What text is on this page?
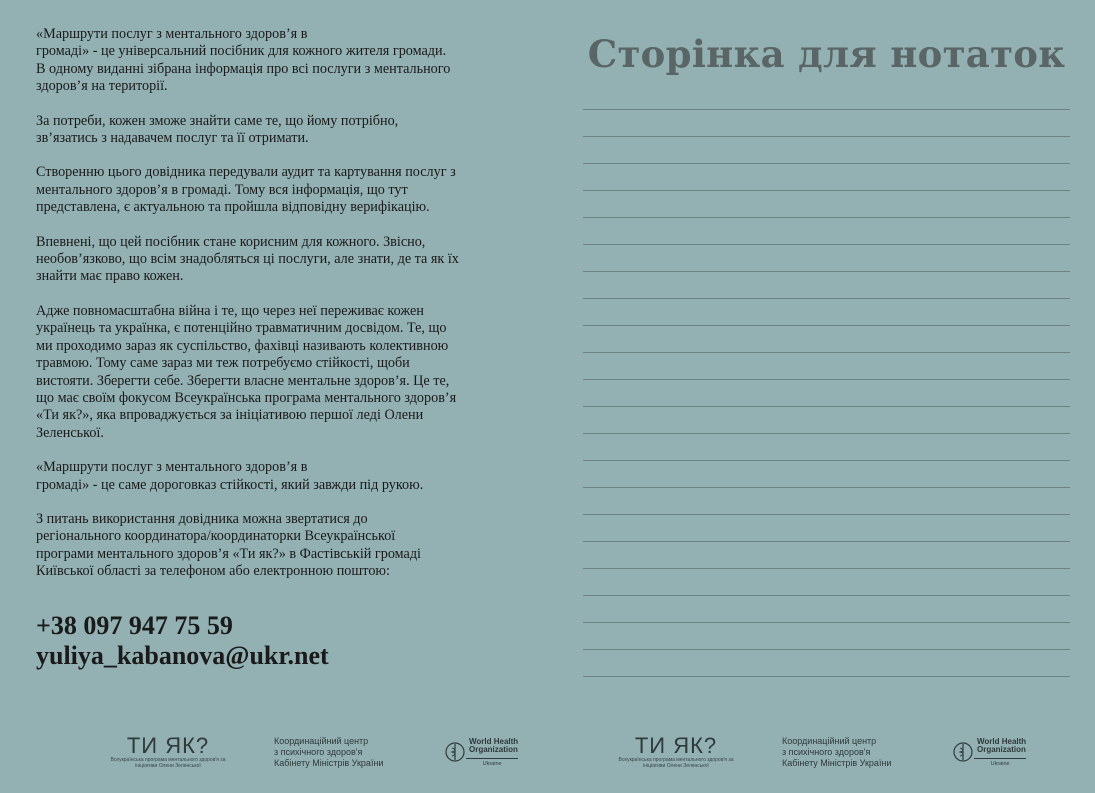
«Маршрути послуг з ментального здоров’я в
громаді» - це універсальний посібник для кожного жителя громади.
В одному виданні зібрана інформація про всі послуги з ментального
здоров’я на території.

За потреби, кожен зможе знайти саме те, що йому потрібно,
зв’язатись з надавачем послуг та її отримати.

Створенню цього довідника передували аудит та картування послуг з
ментального здоров’я в громаді. Тому вся інформація, що тут
представлена, є актуальною та пройшла відповідну верифікацію.

Впевнені, що цей посібник стане корисним для кожного. Звісно,
необов’язково, що всім знадобляться ці послуги, але знати, де та як їх
знайти має право кожен.

Адже повномасштабна війна і те, що через неї переживає кожен
українець та українка, є потенційно травматичним досвідом. Те, що
ми проходимо зараз як суспільство, фахівці називають колективною
травмою. Тому саме зараз ми теж потребуємо стійкості, щоби
вистояти. Зберегти себе. Зберегти власне ментальне здоров’я. Це те,
що має своїм фокусом Всеукраїнська програма ментального здоров’я
«Ти як?», яка впроваджується за ініціативою першої леді Олени
Зеленської.

«Маршрути послуг з ментального здоров’я в
громаді» - це саме дороговказ стійкості, який завжди під рукою.

З питань використання довідника можна звертатися до
регіонального координатора/координаторки Всеукраїнської
програми ментального здоров’я «Ти як?» в Фастівській громаді
Київської області за телефоном або електронною поштою:

+38 097 947 75 59

yuliya_kabanova@ukr.net

Сторінка для нотаток
ТИ ЯК?
Всеукраїнська програма ментального здоров'я за ініціативи Олени Зеленської
Координаційний центр
з психічного здоров'я
Кабінету Міністрів України
World Health
Organization
Ukraine
ТИ ЯК?
Всеукраїнська програма ментального здоров'я за ініціативи Олени Зеленської
Координаційний центр
з психічного здоров'я
Кабінету Міністрів України
World Health
Organization
Ukraine
